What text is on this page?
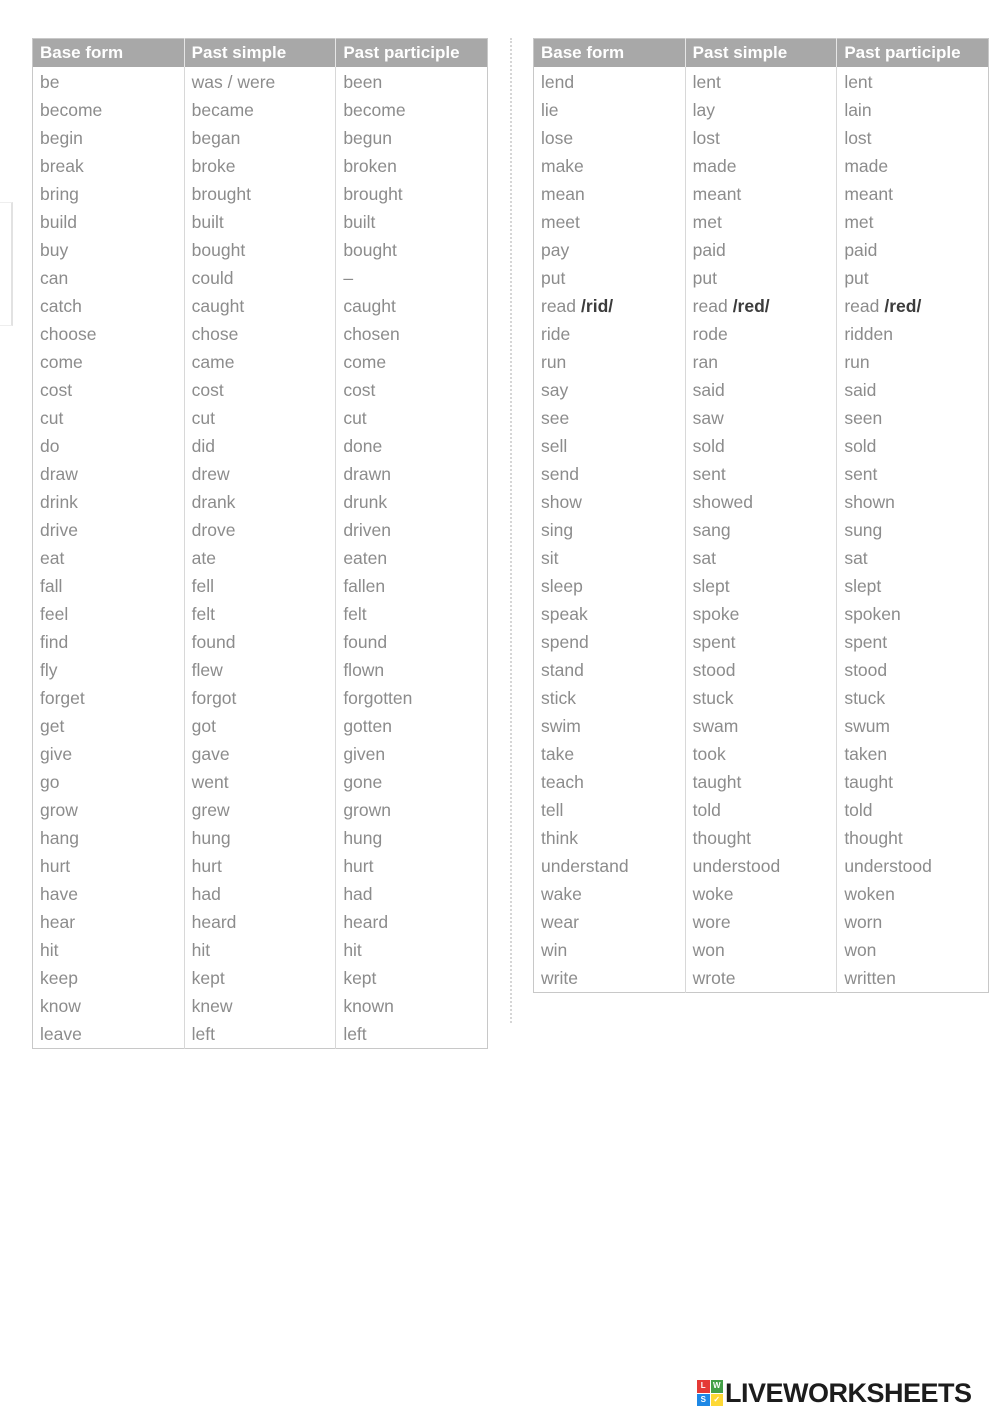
Base form	Past simple	Past participle
be	was / were	been
become	became	become
begin	began	begun
break	broke	broken
bring	brought	brought
build	built	built
buy	bought	bought
can	could	–
catch	caught	caught
choose	chose	chosen
come	came	come
cost	cost	cost
cut	cut	cut
do	did	done
draw	drew	drawn
drink	drank	drunk
drive	drove	driven
eat	ate	eaten
fall	fell	fallen
feel	felt	felt
find	found	found
fly	flew	flown
forget	forgot	forgotten
get	got	gotten
give	gave	given
go	went	gone
grow	grew	grown
hang	hung	hung
hurt	hurt	hurt
have	had	had
hear	heard	heard
hit	hit	hit
keep	kept	kept
know	knew	known
leave	left	left
Base form	Past simple	Past participle
lend	lent	lent
lie	lay	lain
lose	lost	lost
make	made	made
mean	meant	meant
meet	met	met
pay	paid	paid
put	put	put
read /rid/	read /red/	read /red/
ride	rode	ridden
run	ran	run
say	said	said
see	saw	seen
sell	sold	sold
send	sent	sent
show	showed	shown
sing	sang	sung
sit	sat	sat
sleep	slept	slept
speak	spoke	spoken
spend	spent	spent
stand	stood	stood
stick	stuck	stuck
swim	swam	swum
take	took	taken
teach	taught	taught
tell	told	told
think	thought	thought
understand	understood	understood
wake	woke	woken
wear	wore	worn
win	won	won
write	wrote	written
L W
S ✓ LIVEWORKSHEETS
